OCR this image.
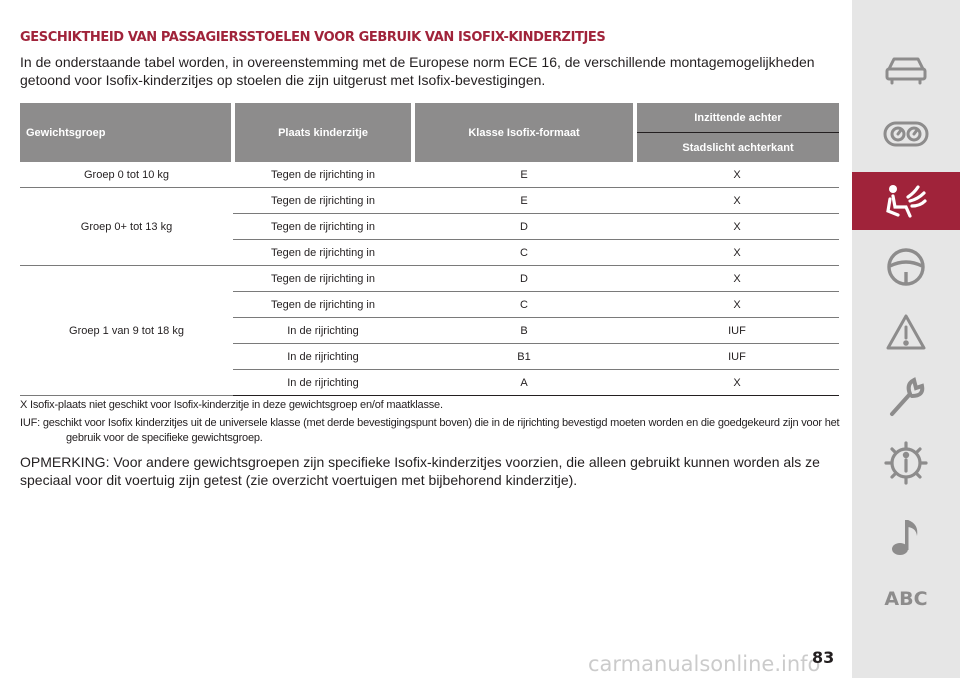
GESCHIKTHEID VAN PASSAGIERSSTOELEN VOOR GEBRUIK VAN ISOFIX-KINDERZITJES

In de onderstaande tabel worden, in overeenstemming met de Europese norm ECE 16, de verschillende montagemogelijkheden getoond voor Isofix-kinderzitjes op stoelen die zijn uitgerust met Isofix-bevestigingen.

Gewichtsgroep	Plaats kinderzitje	Klasse Isofix-formaat	Inzittende achter
			Stadslicht achterkant
Groep 0 tot 10 kg	Tegen de rijrichting in	E	X
Groep 0+ tot 13 kg	Tegen de rijrichting in	E	X
	Tegen de rijrichting in	D	X
	Tegen de rijrichting in	C	X
Groep 1 van 9 tot 18 kg	Tegen de rijrichting in	D	X
	Tegen de rijrichting in	C	X
	In de rijrichting	B	IUF
	In de rijrichting	B1	IUF
	In de rijrichting	A	X

X Isofix-plaats niet geschikt voor Isofix-kinderzitje in deze gewichtsgroep en/of maatklasse.

IUF: geschikt voor Isofix kinderzitjes uit de universele klasse (met derde bevestigingspunt boven) die in de rijrichting bevestigd moeten worden en die goedgekeurd zijn voor het gebruik voor de specifieke gewichtsgroep.

OPMERKING: Voor andere gewichtsgroepen zijn specifieke Isofix-kinderzitjes voorzien, die alleen gebruikt kunnen worden als ze speciaal voor dit voertuig zijn getest (zie overzicht voertuigen met bijbehorend kinderzitje).

ABC

carmanualsonline.info

83
